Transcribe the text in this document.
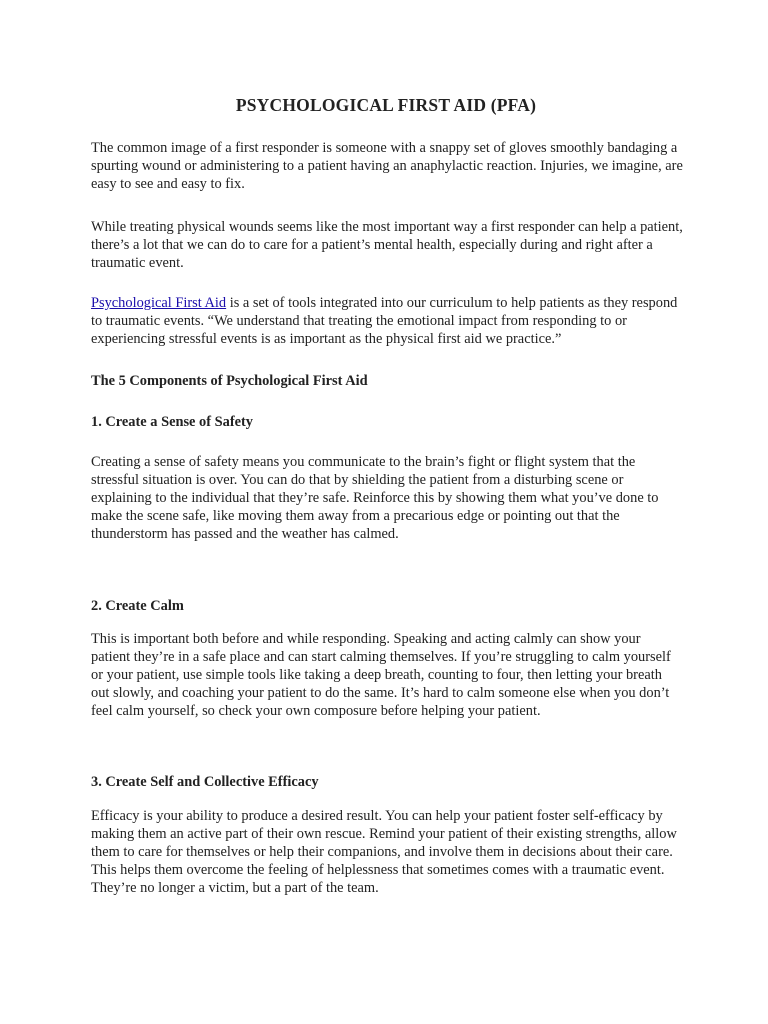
PSYCHOLOGICAL FIRST AID (PFA)

The common image of a first responder is someone with a snappy set of gloves smoothly bandaging a spurting wound or administering to a patient having an anaphylactic reaction. Injuries, we imagine, are easy to see and easy to fix.

While treating physical wounds seems like the most important way a first responder can help a patient, there’s a lot that we can do to care for a patient’s mental health, especially during and right after a traumatic event.

Psychological First Aid is a set of tools integrated into our curriculum to help patients as they respond to traumatic events. “We understand that treating the emotional impact from responding to or experiencing stressful events is as important as the physical first aid we practice.”

The 5 Components of Psychological First Aid
1. Create a Sense of Safety

Creating a sense of safety means you communicate to the brain’s fight or flight system that the stressful situation is over. You can do that by shielding the patient from a disturbing scene or explaining to the individual that they’re safe. Reinforce this by showing them what you’ve done to make the scene safe, like moving them away from a precarious edge or pointing out that the thunderstorm has passed and the weather has calmed.

2. Create Calm

This is important both before and while responding. Speaking and acting calmly can show your patient they’re in a safe place and can start calming themselves. If you’re struggling to calm yourself or your patient, use simple tools like taking a deep breath, counting to four, then letting your breath out slowly, and coaching your patient to do the same. It’s hard to calm someone else when you don’t feel calm yourself, so check your own composure before helping your patient.

3. Create Self and Collective Efficacy

Efficacy is your ability to produce a desired result. You can help your patient foster self-efficacy by making them an active part of their own rescue. Remind your patient of their existing strengths, allow them to care for themselves or help their companions, and involve them in decisions about their care. This helps them overcome the feeling of helplessness that sometimes comes with a traumatic event. They’re no longer a victim, but a part of the team.
